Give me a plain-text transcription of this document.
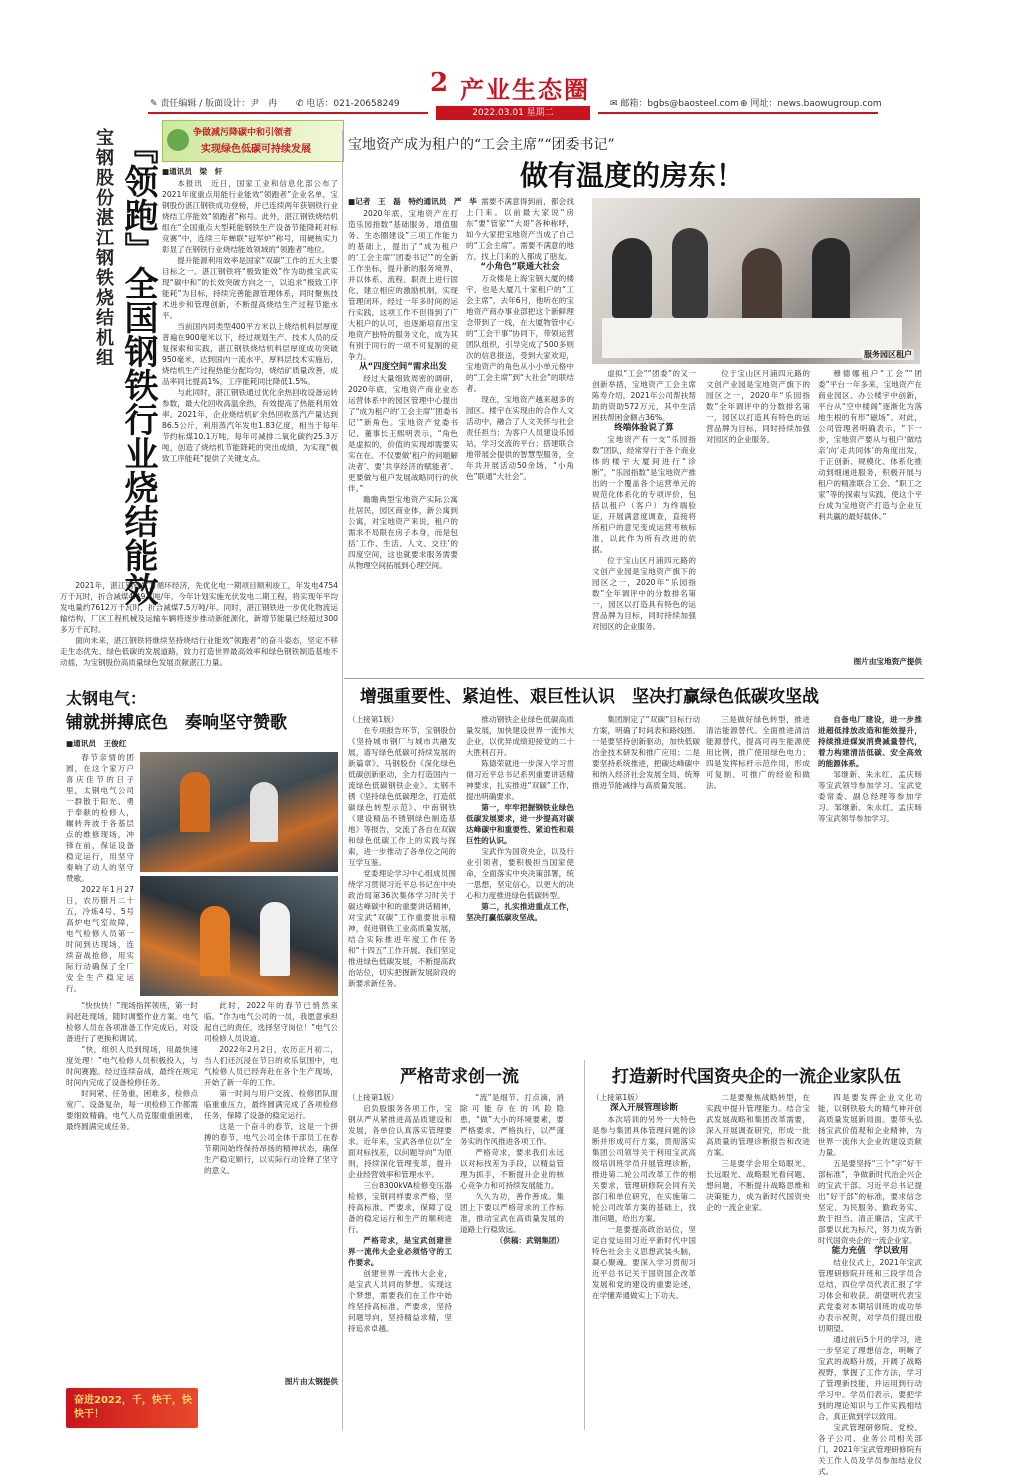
✎ 责任编辑 / 版面设计：尹　冉 ✆ 电话：021-20658249
2 产业生态圈
2022.03.01 星期二
✉ 邮箱：bgbs@baosteel.com ⊕ 网址：news.baowugroup.com
争做减污降碳中和引领者
实现绿色低碳可持续发展
宝钢股份湛江钢铁烧结机组 『领跑』全国钢铁行业烧结能效
■通讯员　梁　轩

本报讯　近日，国家工业和信息化部公布了2021年度重点用能行业能效“领跑者”企业名单，宝钢股份湛江钢铁成功登榜，并已连续两年获钢铁行业烧结工序能效“领跑者”称号。此外，湛江钢铁烧结机组在“全国重点大型耗能钢铁生产设备节能降耗对标竞赛”中，连续三年蝉联“冠军炉”称号，用硬核实力彰显了在钢铁行业烧结能效领域的“领跑者”地位。

提升能源利用效率是国家“双碳”工作的五大主要目标之一。湛江钢铁将“极致能效”作为助推宝武实现“碳中和”的长效突破方向之一，以追求“极致工序能耗”为目标，持续完善能源管理体系，同时聚焦技术进步和管理创新，不断提高烧结生产过程节能水平。

当前国内同类型400平方米以上烧结机料层厚度普遍在900毫米以下，经过规划生产、技术人员的反复探索和实践，湛江钢铁烧结机料层厚度成功突破950毫米，达到国内一流水平，厚料层技术实施后，烧结机生产过程热能分配均匀，烧结矿质量改善，成品率同比提高1%，工序能耗同比降低1.5%。

与此同时，湛江钢铁通过优化余热回收设备运转参数，最大化回收高温余热，有效提高了热能利用效率。2021年，企业烧结机矿余热回收蒸汽产量达到86.5公斤，利用蒸汽年发电1.83亿度，相当于每年节约标煤10.1万吨，每年可减排二氧化碳约25.3万吨，创造了烧结机节能降耗的突出成绩，为实现“极致工序能耗”提供了关键支点。

2021年，湛江钢铁发力循环经济，先优化电一期项目顺利竣工，年发电4754万千瓦时，折合减煤4.49万吨/年。今年计划实施光伏发电二期工程，将实现年平均发电量约7612万千瓦时，折合减煤7.5万吨/年。同时，湛江钢铁进一步优化物流运输结构，厂区工程机械及运输车辆将逐步推动新能源化，新增节能量已经超过300多万千瓦时。

面向未来，湛江钢铁将继续坚持烧结行业能效“领跑者”的奋斗姿态，坚定不移走生态优先、绿色低碳的发展道路，致力打造世界最高效率和绿色钢铁制造基地不动摇，为宝钢股份高质量绿色发展贡献湛江力量。

宝地资产成为租户的“工会主席”“团委书记”
做有温度的房东！
■记者　王　磊　特约通讯员　严　华

2020年底，宝地资产在打造乐园指数“基础服务、增值服务、生态圈建设”三项工作能力的基础上，提出了“成为租户的‘工会主席’‘团委书记’”的全新工作坐标，提升新的服务境界，并以体系、流程、职责上进行固化，建立相应的激励机制，实现管理闭环。经过一年多时间的运行实践，这项工作不但得到了广大租户的认可，也逐渐培育出宝地资产独特的服务文化，成为其有别于同行的一项不可复制的竞争力。

从“四度空间”需求出发

经过大量细致周密的调研，2020年底，宝地资产商业业态运营体系中的园区管理中心提出了“成为租户的‘工会主席’‘团委书记’”新角色。宝地资产党委书记、董事长王熙明表示，“角色是虚拟的，价值的实现却需要实实在在。不仅要做‘租户的问题解决者’、要‘共享经济的赋能者’、更要做与租户发展战略同行的伙伴。”

瞻瞻典型宝地资产实际公寓社居民，园区商业体，新公寓到公寓，对宝地资产来说，租户的需求不局限在房子本身，而是包括‘工作、生活、人文、交往’的四度空间，这也就要求服务需要从物理空间拓展到心理空间。

需要不满意得到前，都会找上门来。以前最大家说“房东”要“管家”“大哥”各种称呼，如今大家把宝地资产当成了自己的“工会主席”。需要不满意的地方，找上门来的人都成了朋友。

“小角色”联通大社会

万众楼是上海宝钢大厦的楼宇，也是大厦几十家租户的“工会主席”，去年6月，他听在的宝地资产商办事业部把这个新鲜理念带到了一线，在大厦物管中心的“工会干事”协同下，带领运营团队组织，引导完成了500多则次的信息报送，受到大家欢迎，宝地资产的角色从小小单元格中的“工会主席”到“大社会”的联结者。

现在，宝地资产越来越多的园区、楼宇在实现由的合作人文活动中，融合了人文关怀与社会责任担当；为客户人员建设乐园站，学习交流的平台；搭建联合地带展会提供的智慧型服务，全年共开展活动50余场，“小角色”联通“大社会”。

服务园区租户

虚拟“工会”“团委”的又一创新举措，宝地资产工会主席陈寿介绍，2021年公司帮扶帮助的资助572万元，其中生活困扶帮困金额占36%。

终端体验说了算

宝地资产有一支“乐园指数”团队，经常穿行于各个商业体的楼宇大厦间进行“诊断”，“乐园指数”是宝地资产推出的一个覆盖各个运营单元的规范化体系化的专项评价，包括以租户（客户）为终端验证，开展满意度调查，直接将所租户的意见变成运营考核标准，以此作为所有改进的依据。

位于宝山区月浦四元路的文创产业园是宝地资产旗下的园区之一，2020年“乐园指数”全年调评中的分数排名第一，园区以打造具有特色的运营品牌为目标，同时持续加强对园区的企业服务。

位于宝山区月浦四元路的文创产业园是宝地资产旗下的园区之一，2020年“乐园指数”全年调评中的分数排名第一，园区以打造具有特色的运营品牌为目标，同时持续加强对园区的企业服务。

穆德娜租户“工会”“团委”平台一年多来，宝地资产在商业园区、办公楼宇中创新，平台从“空中楼阁”逐渐化为落地生根的有形“磁场”。对此，公司管理者明确表示，“下一步，宝地资产要从与租户‘做结亲’向‘走共同体’的角度出发，于正创新、规模化、体系化推动到细递进服务，积极开展与租户的精准联合工会、“职工之家”等的探索与实践，使这个平台成为宝地资产打造与企业互利共赢的最好载体。”

图片由宝地资产提供
增强重要性、紧迫性、艰巨性认识　坚决打赢绿色低碳攻坚战

（上接第1版）

在专项报告环节，宝钢股份《坚持城市钢厂与城市共融发展，谱写绿色低碳可持续发展的新篇章》、马钢股份《深化绿色低碳创新驱动，全力打造国内一流绿色低碳钢铁企业》、太钢不锈《坚持绿色低碳理念，打造低碳绿色转型示范》、中南钢铁《建设精品不锈钢绿色制造基地》等报告，交流了各自在双碳和绿色低碳工作上的实践与探索，进一步推动了各单位之间的互学互鉴。

党委理论学习中心组成员围绕学习贯彻习近平总书记在中央政治局第36次集体学习时关于碳达峰碳中和的重要讲话精神，对宝武“双碳”工作重要批示精神，促进钢铁工业高质量发展，结合实际推进年度工作任务和“十四五”工作开展。我们坚定推进绿色低碳发展，不断提高政治站位，切实把握新发展阶段的新要求新任务。

推动钢铁企业绿色低碳高质量发展，加快建设世界一流伟大企业，以优异成绩迎接党的二十大胜利召开。

陈德荣就进一步深入学习贯彻习近平总书记系列重要讲话精神要求，扎实推进“双碳”工作，提出明确要求。

第一，牢牢把握钢铁业绿色低碳发展要求，进一步提高对碳达峰碳中和重要性、紧迫性和艰巨性的认识。

宝武作为国资央企，以及行业引领者，要积极担当国家使命，全面落实中央决策部署，统一思想，坚定信心，以更大的决心和力度推进绿色低碳转型。

第二，扎实推进重点工作，坚决打赢低碳攻坚战。

集团制定了“双碳”目标行动方案，明确了时间表和路线图。一是要坚持创新驱动，加快低碳冶金技术研发和推广应用；二是要坚持系统推进，把碳达峰碳中和纳入经济社会发展全局，统筹推进节能减排与高质量发展。

三是做好绿色转型，推进清洁能源替代。全面推进清洁能源替代，提高可再生能源使用比例，推广使用绿色电力；四是发挥标杆示范作用，形成可复制、可推广的经验和做法。

自备电厂建设，进一步推进超低排放改造和能效提升，持续推进煤炭消费减量替代，着力构建清洁低碳、安全高效的能源体系。

邹继新、朱永红、孟庆旸等宝武领导参加学习。宝武党委常委、副总经理等参加学习。邹继新、朱永红、孟庆旸等宝武领导参加学习。

太钢电气：
铺就拼搏底色　奏响坚守赞歌
■通讯员　王俊红

春节亲情的团圆，在这个家万户喜庆佳节的日子里，太钢电气公司一群散于阳光、勇于奉献的检修人，辗转奔波于各基层点的维修现场，冲锋在前，保证设备稳定运行，用坚守奏响了动人的坚守赞歌。

2022年1月27日，农历腊月二十五，冷炼4号、5号高炉电气室故障，电气检修人员第一时间到达现场，连续奋战抢修，用实际行动确保了全厂安全生产稳定运行。

“快快快！”现场指挥领班，第一时间赶赴现场，随时调整作业方案。电气检修人员在各项准备工作完成后，对设备进行了更换和调试。

“快，组织人员到现场，用最快速度处理！”电气检修人员积极投入，与时间赛跑。经过连续奋战，最终在规定时间内完成了设备检修任务。

时间紧、任务重，困难多，检修点宽广、设备复杂，每一项检修工作都需要细致精确，电气人员克服重重困难，最终圆满完成任务。

此时，2022年的春节已悄然来临。“作为电气公司的一员，我愿意承担起自己的责任，选择坚守岗位！”电气公司检修人员说道。

2022年2月2日，农历正月初二，当人们还沉浸在节日的欢乐氛围中，电气检修人员已经奔赴在各个生产现场，开始了新一年的工作。

第一时间与用户交流、检修团队面临重重压力，最终圆满完成了各项检修任务，保障了设备的稳定运行。

这是一个奋斗的春节，这是一个拼搏的春节，电气公司全体干部员工在春节期间始终保持昂扬的精神状态，确保生产稳定顺行，以实际行动诠释了坚守的意义。

图片由太钢提供
奋进2022，千，快干，快快干！
严格苛求创一流

（上接第1版）

启负股服务各项工作，宝钢从严从紧推进高品质建设和发展，各单位认真落实管理要求。近年来，宝武各单位以“全面对标找差，以问题导向”为原则，持续深化管理变革，提升企业经营效率和管理水平。

三台8300kVA检修变压器检修，宝钢同样要求严格，坚持高标准、严要求，保障了设备的稳定运行和生产的顺利进行。

严格苛求，是宝武创建世界一流伟大企业必须恪守的工作要求。

创建世界一流伟大企业，是宝武人共同的梦想。实现这个梦想，需要我们在工作中始终坚持高标准、严要求，坚持问题导向，坚持精益求精，坚持追求卓越。

“流”是细节、打点滴，消除可能存在的风险隐患，“做”大小的环境要素，要严格要求、严格执行，以严谨务实的作风推进各项工作。

严格苛求，要求我们永远以对标找差为手段，以精益管理为抓手，不断提升企业的核心竞争力和可持续发展能力。

久久为功，善作善成。集团上下要以严格苛求的工作标准，推动宝武在高质量发展的道路上行稳致远。

（供稿：武钢集团）

打造新时代国资央企的一流企业家队伍

（上接第1版）

深入开展管理诊断

本次培训的另外一大特色是参与集团具体管理问题的诊断并形成可行方案，贯彻落实集团公司领导关于利用宝武高级培训班学员开展管理诊断，推进第二轮公司改革工作的相关要求，管理研修院会同有关部门和单位研究，在实施第二轮公司改革方案的基础上，找准问题，给出方案。

一是要提高政治站位，坚定自觉运用习近平新时代中国特色社会主义思想武装头脑，凝心聚魂。要深入学习贯彻习近平总书记关于国资国企改革发展和党的建设的重要论述，在学懂弄通做实上下功夫。

二是要聚焦战略转型，在实践中提升管理能力。结合宝武发展战略和集团改革需要，深入开展调查研究，形成一批高质量的管理诊断报告和改进方案。

三是要学会用全局眼光、长远眼光、战略眼光看问题、想问题，不断提升战略思维和决策能力，成为新时代国资央企的一流企业家。

四是要发挥企业文化功能，以钢铁般大的精气神开创高质量发展新局面。要带头弘扬宝武价值观和企业精神，为世界一流伟大企业的建设贡献力量。

五是要坚持“三个”字“好干部标准”，争做新时代治企兴企的宝武干部。习近平总书记提出“好干部”的标准，要求信念坚定、为民服务、勤政务实、敢于担当、清正廉洁，宝武干部要以此为标尺，努力成为新时代国资央企的一流企业家。

能力充值　学以致用

结业仪式上，2021年宝武管理研修院开班和三段学员合总结，四位学员代表汇报了学习体会和收获。胡望明代表宝武党委对本期培训班的成功举办表示祝贺，对学员们提出殷切期望。

通过前后5个月的学习，进一步坚定了理想信念，明晰了宝武的战略升级，开阔了战略视野，掌握了工作方法，学习了管理新技能，并运用到行动学习中。学员们表示，要把学到的理论知识与工作实践相结合，真正做到学以致用。

宝武管理研修院、党校、各子公司、业务公司相关部门，2021年宝武管理研修院有关工作人员及学员参加结业仪式。
